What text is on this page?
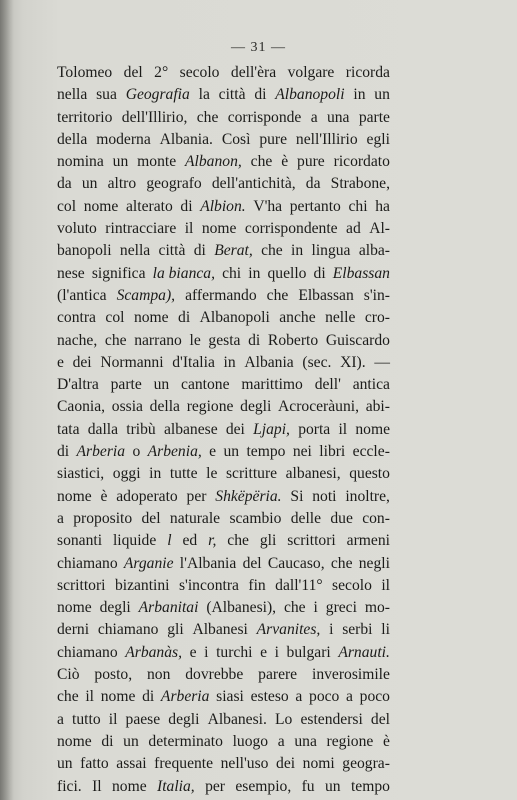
— 31 —
Tolomeo del 2° secolo dell'èra volgare ricorda
nella sua Geografia la città di Albanopoli in un
territorio dell'Illirio, che corrisponde a una parte
della moderna Albania. Così pure nell'Illirio egli
nomina un monte Albanon, che è pure ricordato
da un altro geografo dell'antichità, da Strabone,
col nome alterato di Albion. V'ha pertanto chi ha
voluto rintracciare il nome corrispondente ad Al-
banopoli nella città di Berat, che in lingua alba-
nese significa la bianca, chi in quello di Elbassan
(l'antica Scampa), affermando che Elbassan s'in-
contra col nome di Albanopoli anche nelle cro-
nache, che narrano le gesta di Roberto Guiscardo
e dei Normanni d'Italia in Albania (sec. XI). —
D'altra parte un cantone marittimo dell' antica
Caonia, ossia della regione degli Acroceràuni, abi-
tata dalla tribù albanese dei Ljapi, porta il nome
di Arberia o Arbenia, e un tempo nei libri eccle-
siastici, oggi in tutte le scritture albanesi, questo
nome è adoperato per Shkëpëria. Si noti inoltre,
a proposito del naturale scambio delle due con-
sonanti liquide l ed r, che gli scrittori armeni
chiamano Arganie l'Albania del Caucaso, che negli
scrittori bizantini s'incontra fin dall'11° secolo il
nome degli Arbanitai (Albanesi), che i greci mo-
derni chiamano gli Albanesi Arvanites, i serbi li
chiamano Arbanàs, e i turchi e i bulgari Arnauti.
Ciò posto, non dovrebbe parere inverosimile
che il nome di Arberia siasi esteso a poco a poco
a tutto il paese degli Albanesi. Lo estendersi del
nome di un determinato luogo a una regione è
un fatto assai frequente nell'uso dei nomi geogra-
fici. Il nome Italia, per esempio, fu un tempo
